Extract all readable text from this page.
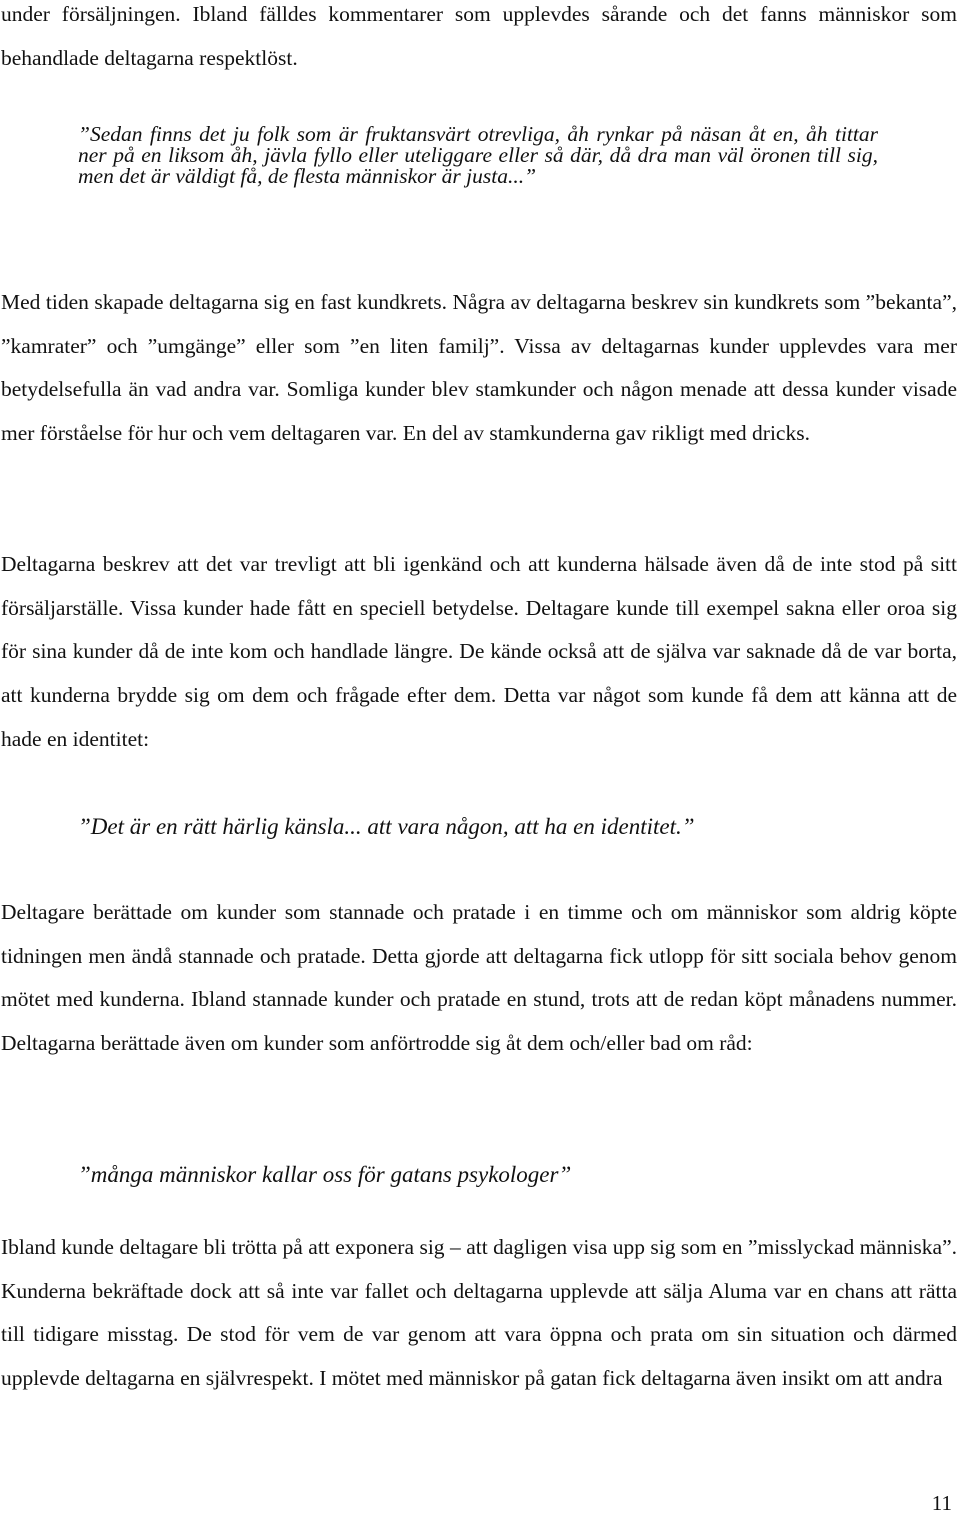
under försäljningen. Ibland fälldes kommentarer som upplevdes sårande och det fanns människor som behandlade deltagarna respektlöst.

”Sedan finns det ju folk som är fruktansvärt otrevliga, åh rynkar på näsan åt en, åh tittar ner på en liksom åh, jävla fyllo eller uteliggare eller så där, då dra man väl öronen till sig, men det är väldigt få, de flesta människor är justa...”

Med tiden skapade deltagarna sig en fast kundkrets. Några av deltagarna beskrev sin kundkrets som ”bekanta”, ”kamrater” och ”umgänge” eller som ”en liten familj”. Vissa av deltagarnas kunder upplevdes vara mer betydelsefulla än vad andra var. Somliga kunder blev stamkunder och någon menade att dessa kunder visade mer förståelse för hur och vem deltagaren var. En del av stamkunderna gav rikligt med dricks.

Deltagarna beskrev att det var trevligt att bli igenkänd och att kunderna hälsade även då de inte stod på sitt försäljarställe. Vissa kunder hade fått en speciell betydelse. Deltagare kunde till exempel sakna eller oroa sig för sina kunder då de inte kom och handlade längre. De kände också att de själva var saknade då de var borta, att kunderna brydde sig om dem och frågade efter dem. Detta var något som kunde få dem att känna att de hade en identitet:

”Det är en rätt härlig känsla... att vara någon, att ha en identitet.”

Deltagare berättade om kunder som stannade och pratade i en timme och om människor som aldrig köpte tidningen men ändå stannade och pratade. Detta gjorde att deltagarna fick utlopp för sitt sociala behov genom mötet med kunderna. Ibland stannade kunder och pratade en stund, trots att de redan köpt månadens nummer. Deltagarna berättade även om kunder som anförtrodde sig åt dem och/eller bad om råd:

”många människor kallar oss för gatans psykologer”

Ibland kunde deltagare bli trötta på att exponera sig – att dagligen visa upp sig som en ”misslyckad människa”. Kunderna bekräftade dock att så inte var fallet och deltagarna upplevde att sälja Aluma var en chans att rätta till tidigare misstag. De stod för vem de var genom att vara öppna och prata om sin situation och därmed upplevde deltagarna en självrespekt. I mötet med människor på gatan fick deltagarna även insikt om att andra

11
